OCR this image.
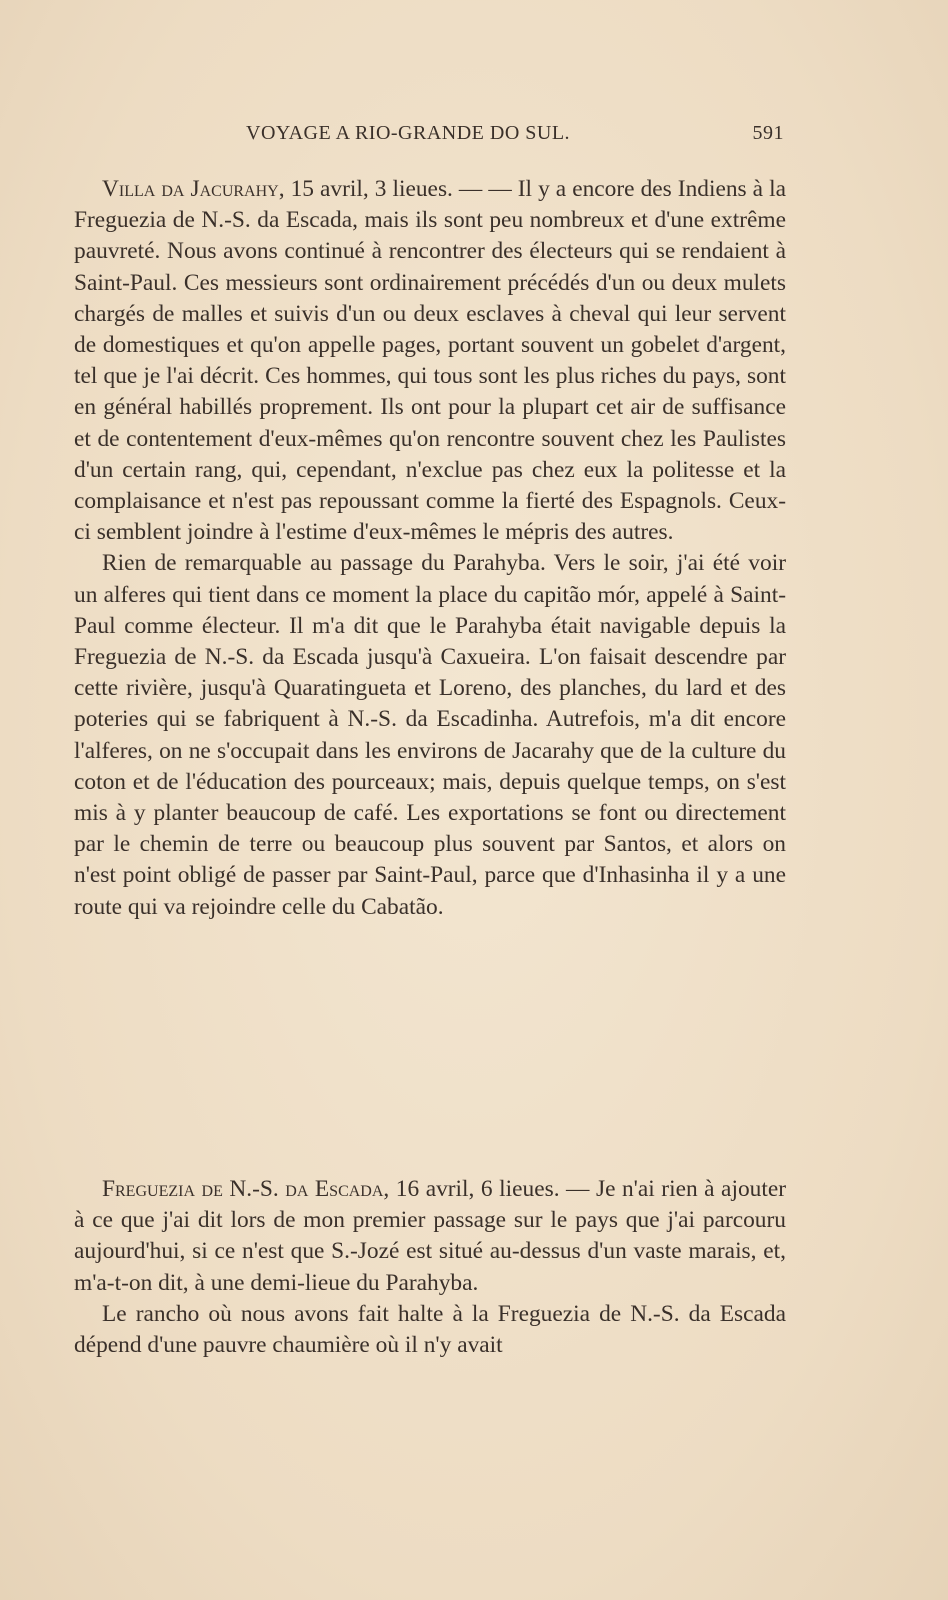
VOYAGE A RIO-GRANDE DO SUL.	591

Villa da Jacurahy, 15 avril, 3 lieues. — — Il y a encore des Indiens à la Freguezia de N.-S. da Escada, mais ils sont peu nombreux et d'une extrême pauvreté. Nous avons continué à rencontrer des électeurs qui se rendaient à Saint-Paul. Ces messieurs sont ordinairement précédés d'un ou deux mulets chargés de malles et suivis d'un ou deux esclaves à cheval qui leur servent de domestiques et qu'on appelle pages, portant souvent un gobelet d'argent, tel que je l'ai décrit. Ces hommes, qui tous sont les plus riches du pays, sont en général habillés proprement. Ils ont pour la plupart cet air de suffisance et de contentement d'eux-mêmes qu'on rencontre souvent chez les Paulistes d'un certain rang, qui, cependant, n'exclue pas chez eux la politesse et la complaisance et n'est pas repoussant comme la fierté des Espagnols. Ceux-ci semblent joindre à l'estime d'eux-mêmes le mépris des autres.

Rien de remarquable au passage du Parahyba. Vers le soir, j'ai été voir un alferes qui tient dans ce moment la place du capitão mór, appelé à Saint-Paul comme électeur. Il m'a dit que le Parahyba était navigable depuis la Freguezia de N.-S. da Escada jusqu'à Caxueira. L'on faisait descendre par cette rivière, jusqu'à Quaratingueta et Loreno, des planches, du lard et des poteries qui se fabriquent à N.-S. da Escadinha. Autrefois, m'a dit encore l'alferes, on ne s'occupait dans les environs de Jacarahy que de la culture du coton et de l'éducation des pourceaux; mais, depuis quelque temps, on s'est mis à y planter beaucoup de café. Les exportations se font ou directement par le chemin de terre ou beaucoup plus souvent par Santos, et alors on n'est point obligé de passer par Saint-Paul, parce que d'Inhasinha il y a une route qui va rejoindre celle du Cabatão.

Freguezia de N.-S. da Escada, 16 avril, 6 lieues. — Je n'ai rien à ajouter à ce que j'ai dit lors de mon premier passage sur le pays que j'ai parcouru aujourd'hui, si ce n'est que S.-Jozé est situé au-dessus d'un vaste marais, et, m'a-t-on dit, à une demi-lieue du Parahyba.

Le rancho où nous avons fait halte à la Freguezia de N.-S. da Escada dépend d'une pauvre chaumière où il n'y avait
